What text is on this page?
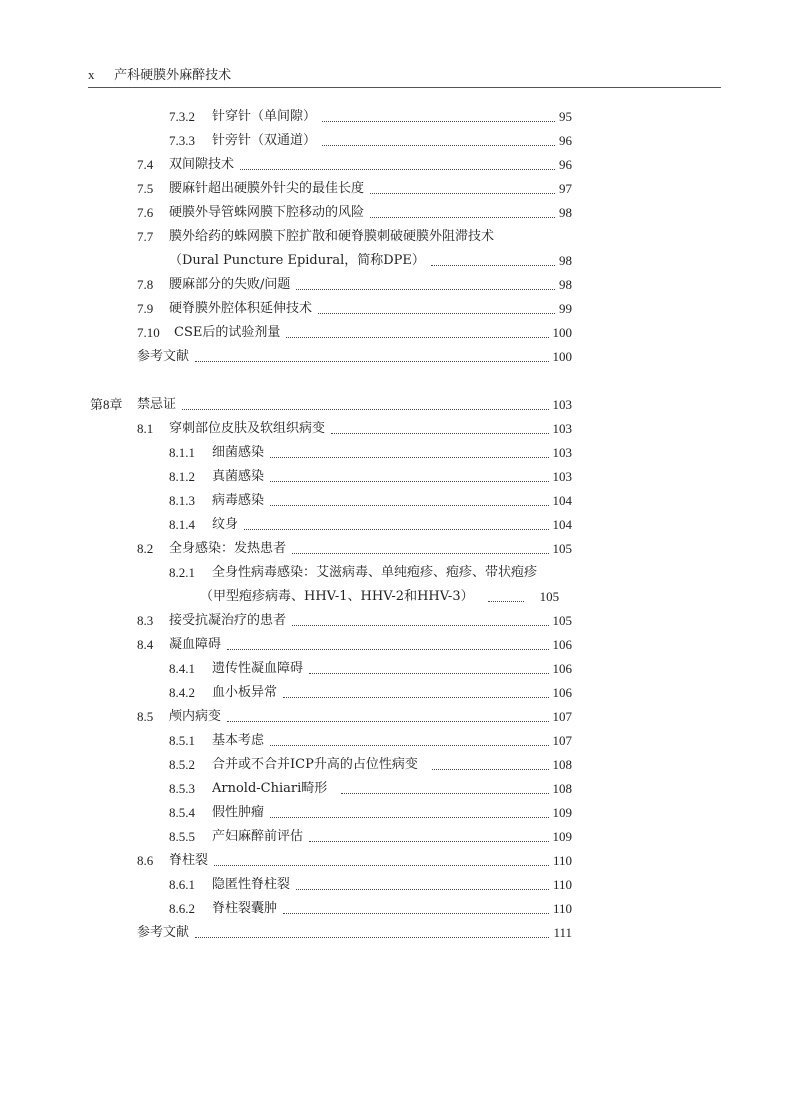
x 产科硬膜外麻醉技术
7.3.2	针穿针（单间隙）	95
7.3.3	针旁针（双通道）	96
7.4	双间隙技术	96
7.5	腰麻针超出硬膜外针尖的最佳长度	97
7.6	硬膜外导管蛛网膜下腔移动的风险	98
7.7	膜外给药的蛛网膜下腔扩散和硬脊膜刺破硬膜外阻滞技术
（Dural Puncture Epidural，简称DPE）	98
7.8	腰麻部分的失败/问题	98
7.9	硬脊膜外腔体积延伸技术	99
7.10	CSE后的试验剂量	100
参考文献	100
第8章	禁忌证	103
8.1	穿刺部位皮肤及软组织病变	103
8.1.1	细菌感染	103
8.1.2	真菌感染	103
8.1.3	病毒感染	104
8.1.4	纹身	104
8.2	全身感染：发热患者	105
8.2.1	全身性病毒感染：艾滋病毒、单纯疱疹、疱疹、带状疱疹
（甲型疱疹病毒、HHV-1、HHV-2和HHV-3）	105
8.3	接受抗凝治疗的患者	105
8.4	凝血障碍	106
8.4.1	遗传性凝血障碍	106
8.4.2	血小板异常	106
8.5	颅内病变	107
8.5.1	基本考虑	107
8.5.2	合并或不合并ICP升高的占位性病变	108
8.5.3	Arnold-Chiari畸形	108
8.5.4	假性肿瘤	109
8.5.5	产妇麻醉前评估	109
8.6	脊柱裂	110
8.6.1	隐匿性脊柱裂	110
8.6.2	脊柱裂囊肿	110
参考文献	111
